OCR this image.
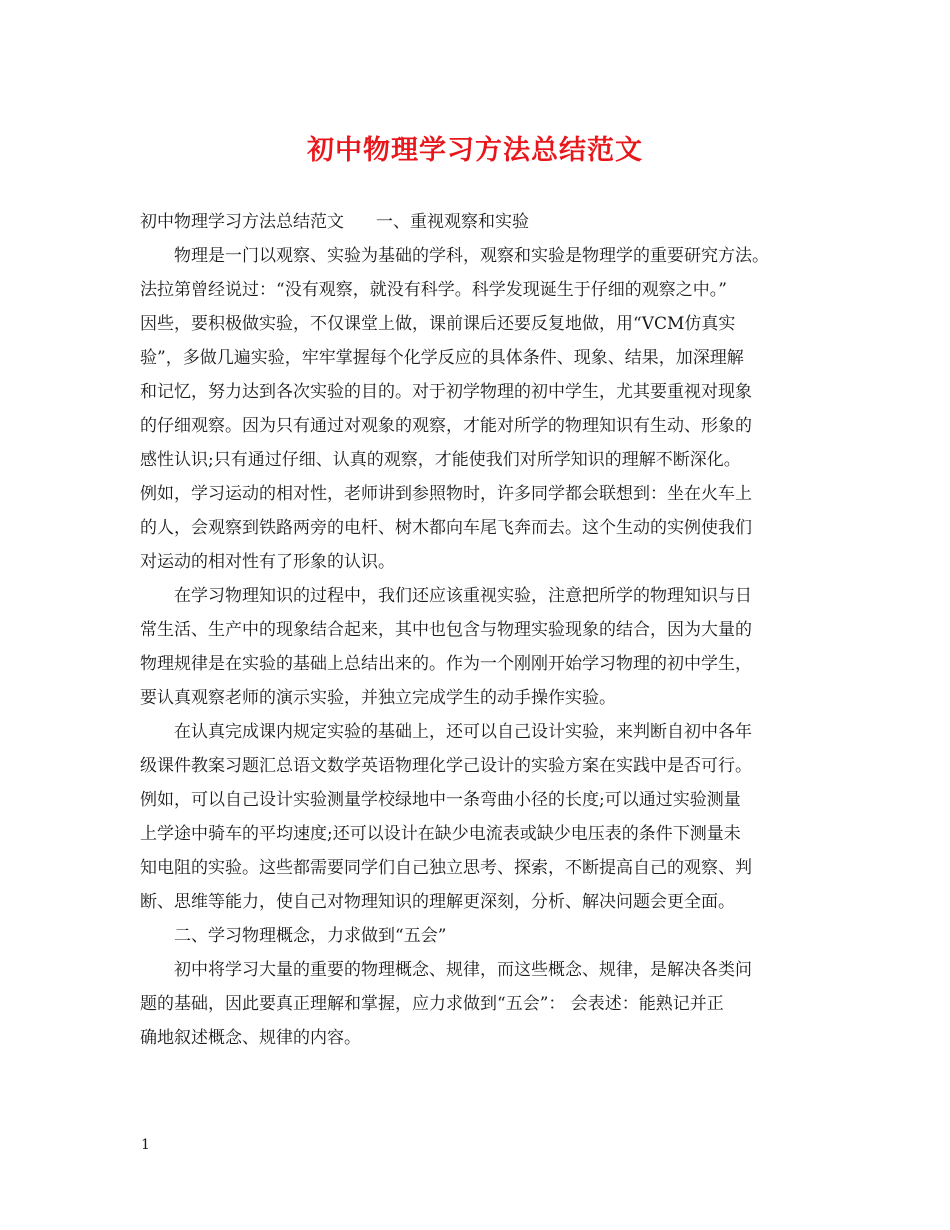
初中物理学习方法总结范文
初中物理学习方法总结范文 一、重视观察和实验
物理是一门以观察、实验为基础的学科，观察和实验是物理学的重要研究方法。
法拉第曾经说过：“没有观察，就没有科学。科学发现诞生于仔细的观察之中。”
因些，要积极做实验，不仅课堂上做，课前课后还要反复地做，用“VCM仿真实
验”，多做几遍实验，牢牢掌握每个化学反应的具体条件、现象、结果，加深理解
和记忆，努力达到各次实验的目的。对于初学物理的初中学生，尤其要重视对现象
的仔细观察。因为只有通过对观象的观察，才能对所学的物理知识有生动、形象的
感性认识;只有通过仔细、认真的观察，才能使我们对所学知识的理解不断深化。
例如，学习运动的相对性，老师讲到参照物时，许多同学都会联想到：坐在火车上
的人，会观察到铁路两旁的电杆、树木都向车尾飞奔而去。这个生动的实例使我们
对运动的相对性有了形象的认识。
在学习物理知识的过程中，我们还应该重视实验，注意把所学的物理知识与日
常生活、生产中的现象结合起来，其中也包含与物理实验现象的结合，因为大量的
物理规律是在实验的基础上总结出来的。作为一个刚刚开始学习物理的初中学生，
要认真观察老师的演示实验，并独立完成学生的动手操作实验。
在认真完成课内规定实验的基础上，还可以自己设计实验，来判断自初中各年
级课件教案习题汇总语文数学英语物理化学己设计的实验方案在实践中是否可行。
例如，可以自己设计实验测量学校绿地中一条弯曲小径的长度;可以通过实验测量
上学途中骑车的平均速度;还可以设计在缺少电流表或缺少电压表的条件下测量未
知电阻的实验。这些都需要同学们自己独立思考、探索，不断提高自己的观察、判
断、思维等能力，使自己对物理知识的理解更深刻，分析、解决问题会更全面。
二、学习物理概念，力求做到“五会”
初中将学习大量的重要的物理概念、规律，而这些概念、规律，是解决各类问
题的基础，因此要真正理解和掌握，应力求做到“五会”： 会表述：能熟记并正
确地叙述概念、规律的内容。
1
